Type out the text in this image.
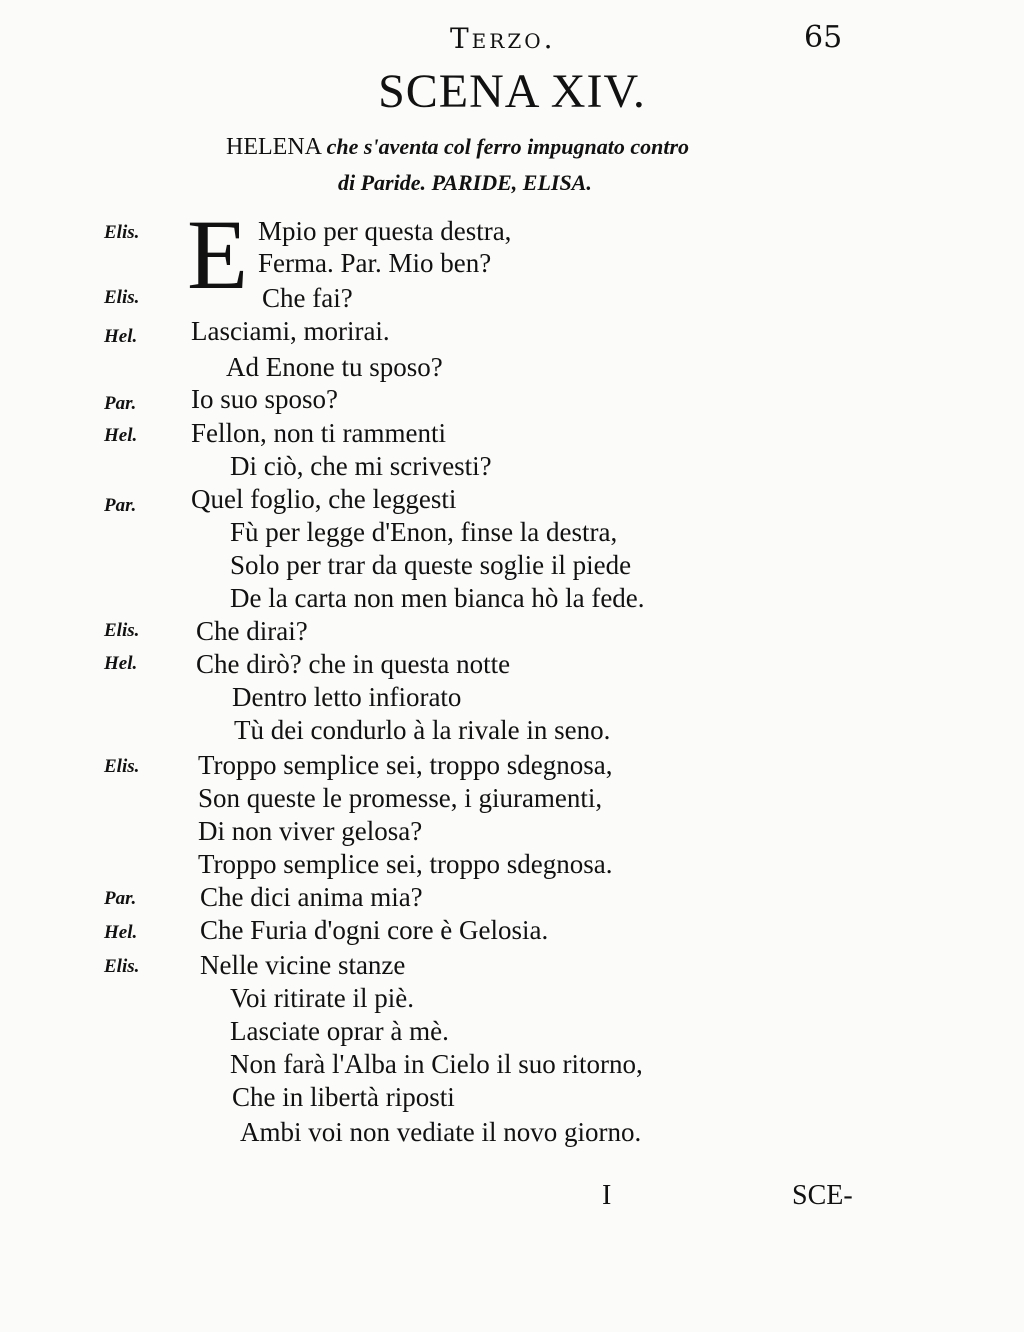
Terzo.	65
SCENA XIV.
HELENA che s'aventa col ferro impugnato contro
di Paride. PARIDE, ELISA.
E
Elis.
Elis.
Hel.
Par.
Hel.
Par.
Elis.
Hel.
Elis.
Par.
Hel.
Elis.
Mpio per questa destra,
Ferma. Par. Mio ben?
Che fai?
Lasciami, morirai.
Ad Enone tu sposo?
Io suo sposo?
Fellon, non ti rammenti
Di ciò, che mi scrivesti?
Quel foglio, che leggesti
Fù per legge d'Enon, finse la destra,
Solo per trar da queste soglie il piede
De la carta non men bianca hò la fede.
Che dirai?
Che dirò? che in questa notte
Dentro letto infiorato
Tù dei condurlo à la rivale in seno.
Troppo semplice sei, troppo sdegnosa,
Son queste le promesse, i giuramenti,
Di non viver gelosa?
Troppo semplice sei, troppo sdegnosa.
Che dici anima mia?
Che Furia d'ogni core è Gelosia.
Nelle vicine stanze
Voi ritirate il piè.
Lasciate oprar à mè.
Non farà l'Alba in Cielo il suo ritorno,
Che in libertà riposti
Ambi voi non vediate il novo giorno.
I	SCE-
